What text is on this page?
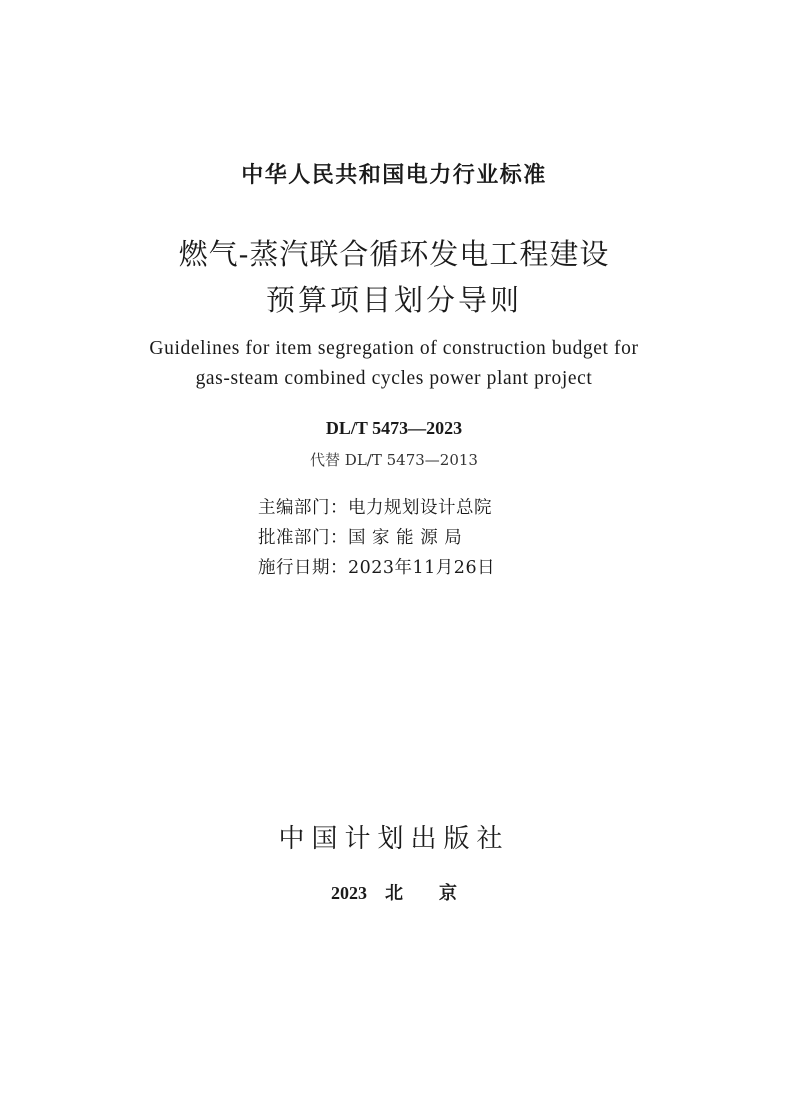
中华人民共和国电力行业标准
燃气-蒸汽联合循环发电工程建设
预算项目划分导则
Guidelines for item segregation of construction budget for
gas-steam combined cycles power plant project
DL/T 5473—2023
代替 DL/T 5473—2013
主编部门：电力规划设计总院
批准部门：国 家 能 源 局
施行日期：2023年11月26日
中国计划出版社
2023　北　　京
